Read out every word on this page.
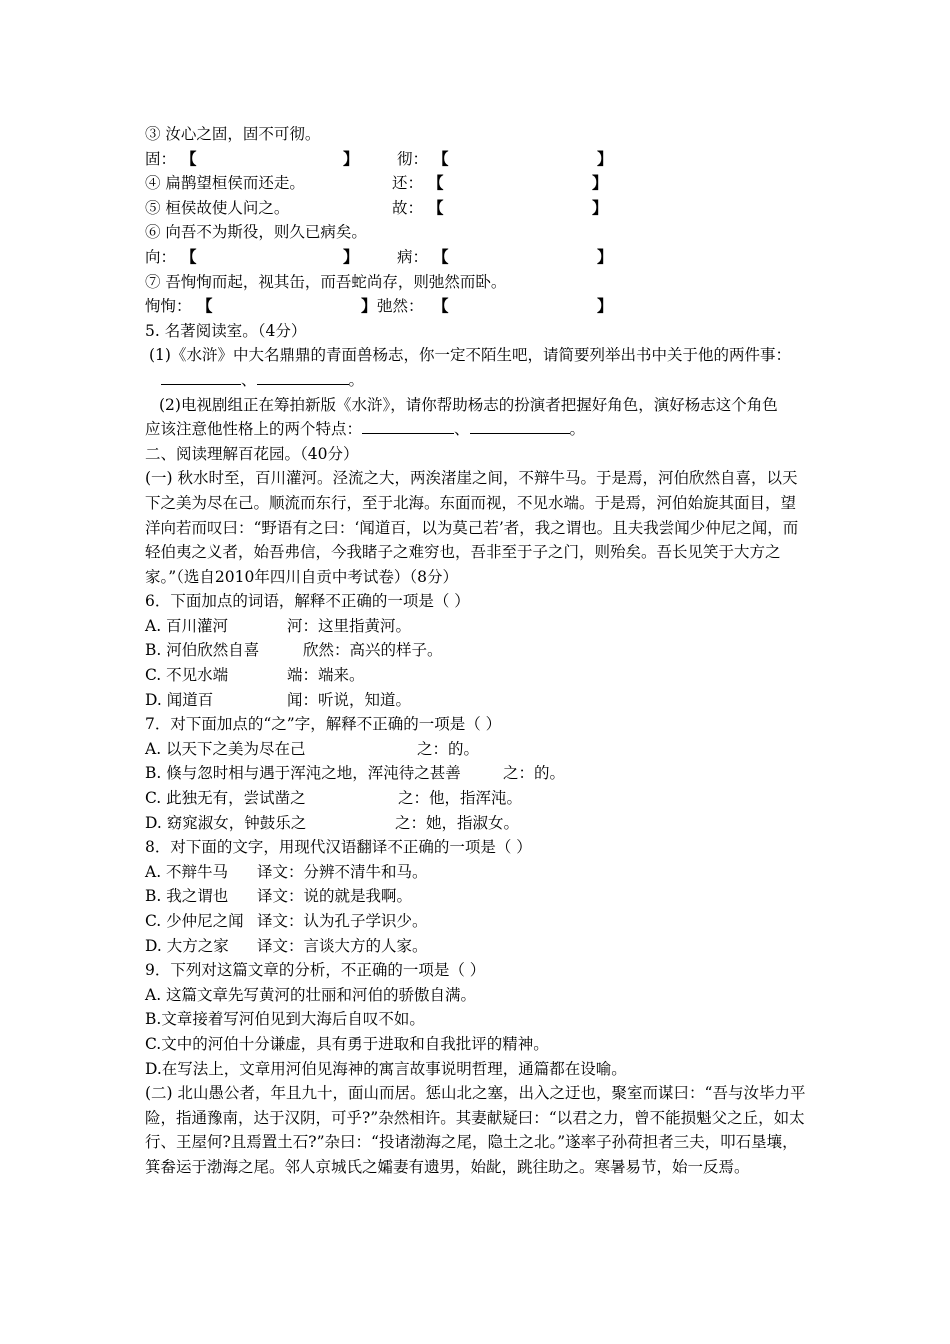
③ 汝心之固，固不可彻。
固： 【	】 彻： 【	】
④ 扁鹊望桓侯而还走。	还： 【	】
⑤ 桓侯故使人问之。	故： 【	】
⑥ 向吾不为斯役，则久已病矣。
向： 【	】 病： 【	】
⑦ 吾恂恂而起，视其缶，而吾蛇尚存，则弛然而卧。
恂恂： 【	】 弛然： 【	】
5. 名著阅读室。（4分）
(1)《水浒》中大名鼎鼎的青面兽杨志，你一定不陌生吧，请简要列举出书中关于他的两件事：
、	。
(2)电视剧组正在筹拍新版《水浒》，请你帮助杨志的扮演者把握好角色，演好杨志这个角色
应该注意他性格上的两个特点：	、	。
二、阅读理解百花园。（40分）
(一) 秋水时至，百川灌河。泾流之大，两涘渚崖之间，不辩牛马。于是焉，河伯欣然自喜，以天下之美为尽在己。顺流而东行，至于北海。东面而视，不见水端。于是焉，河伯始旋其面目，望洋向若而叹曰：“野语有之曰：‘闻道百，以为莫己若’者，我之谓也。且夫我尝闻少仲尼之闻，而轻伯夷之义者，始吾弗信，今我睹子之难穷也，吾非至于子之门，则殆矣。吾长见笑于大方之家。”（选自2010年四川自贡中考试卷）（8分）
6．下面加点的词语，解释不正确的一项是（ ）
A. 百川灌河	河：这里指黄河。
B. 河伯欣然自喜	欣然：高兴的样子。
C. 不见水端	端：端来。
D. 闻道百	闻：听说，知道。
7．对下面加点的“之”字，解释不正确的一项是（ ）
A. 以天下之美为尽在己	之：的。
B. 倏与忽时相与遇于浑沌之地，浑沌待之甚善	之：的。
C. 此独无有，尝试凿之	之：他，指浑沌。
D. 窈窕淑女，钟鼓乐之	之：她，指淑女。
8．对下面的文字，用现代汉语翻译不正确的一项是（ ）
A. 不辩牛马 译文：分辨不清牛和马。
B. 我之谓也 译文：说的就是我啊。
C. 少仲尼之闻 译文：认为孔子学识少。
D. 大方之家 译文：言谈大方的人家。
9．下列对这篇文章的分析，不正确的一项是（ ）
A. 这篇文章先写黄河的壮丽和河伯的骄傲自满。
B.文章接着写河伯见到大海后自叹不如。
C.文中的河伯十分谦虚，具有勇于进取和自我批评的精神。
D.在写法上，文章用河伯见海神的寓言故事说明哲理，通篇都在设喻。
(二) 北山愚公者，年且九十，面山而居。惩山北之塞，出入之迂也，聚室而谋曰：“吾与汝毕力平险，指通豫南，达于汉阴，可乎?”杂然相许。其妻献疑曰：“以君之力，曾不能损魁父之丘，如太行、王屋何?且焉置土石?”杂曰：“投诸渤海之尾，隐土之北。”遂率子孙荷担者三夫，叩石垦壤，箕畚运于渤海之尾。邻人京城氏之孀妻有遗男，始龀，跳往助之。寒暑易节，始一反焉。
